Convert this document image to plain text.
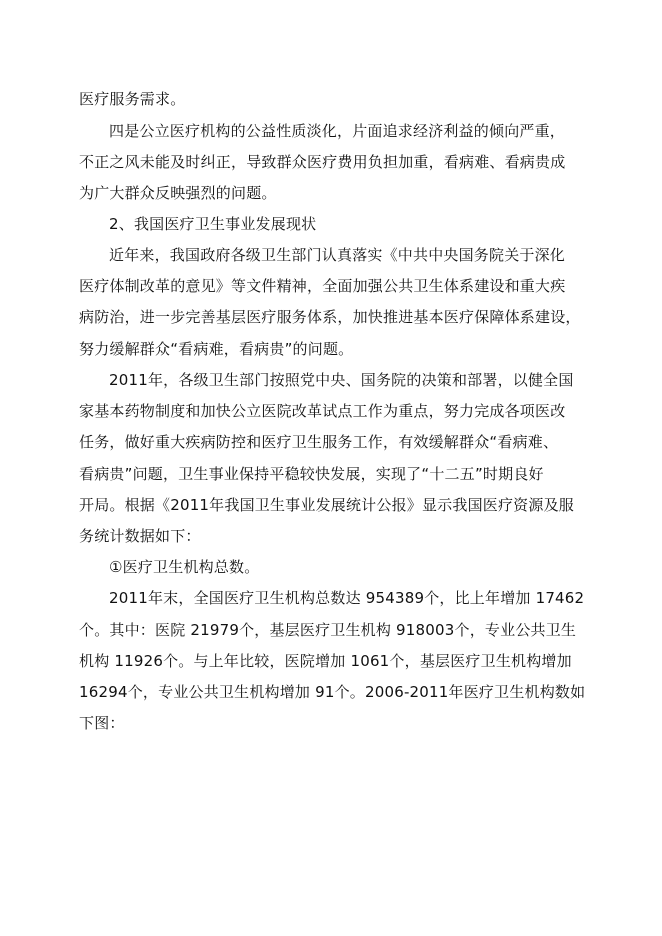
医疗服务需求。
四是公立医疗机构的公益性质淡化，片面追求经济利益的倾向严重，
不正之风未能及时纠正，导致群众医疗费用负担加重，看病难、看病贵成
为广大群众反映强烈的问题。
2、我国医疗卫生事业发展现状
近年来，我国政府各级卫生部门认真落实《中共中央国务院关于深化
医疗体制改革的意见》等文件精神，全面加强公共卫生体系建设和重大疾
病防治，进一步完善基层医疗服务体系，加快推进基本医疗保障体系建设，
努力缓解群众“看病难，看病贵”的问题。
2011年，各级卫生部门按照党中央、国务院的决策和部署，以健全国
家基本药物制度和加快公立医院改革试点工作为重点，努力完成各项医改
任务，做好重大疾病防控和医疗卫生服务工作，有效缓解群众“看病难、
看病贵”问题，卫生事业保持平稳较快发展，实现了“十二五”时期良好
开局。根据《2011年我国卫生事业发展统计公报》显示我国医疗资源及服
务统计数据如下：
①医疗卫生机构总数。
2011年末，全国医疗卫生机构总数达 954389个，比上年增加 17462
个。其中：医院 21979个，基层医疗卫生机构 918003个，专业公共卫生
机构 11926个。与上年比较，医院增加 1061个，基层医疗卫生机构增加
16294个，专业公共卫生机构增加 91个。2006-2011年医疗卫生机构数如
下图：
